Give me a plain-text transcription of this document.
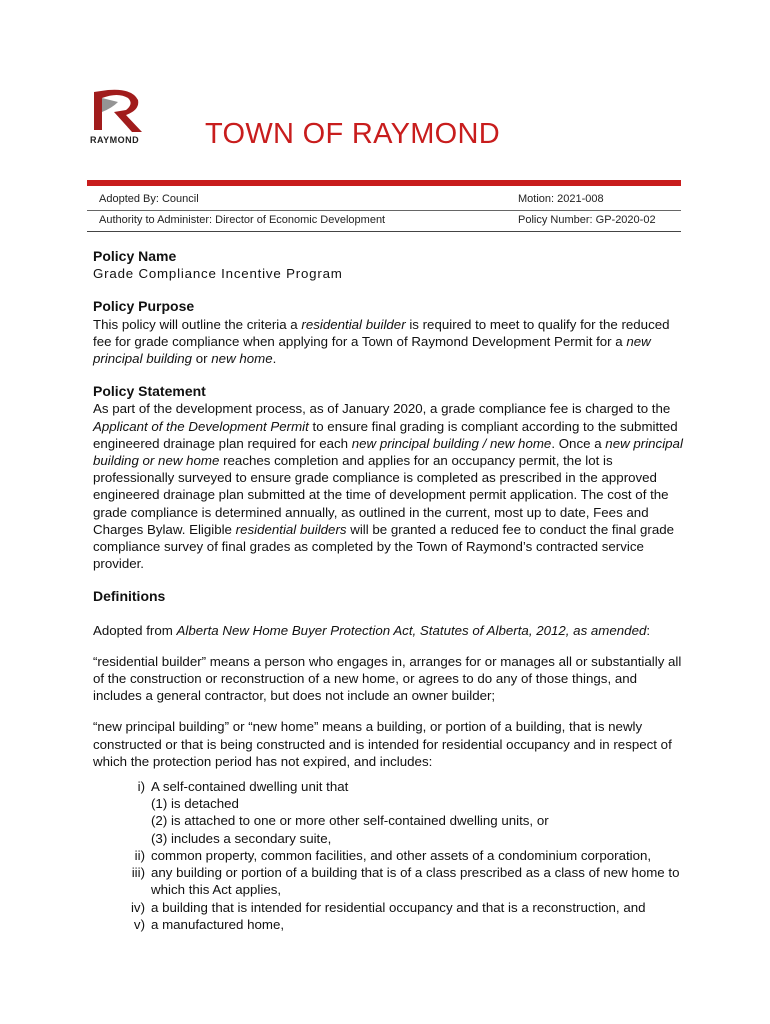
RAYMOND TOWN OF RAYMOND
Adopted By: Council	Motion: 2021-008
Authority to Administer: Director of Economic Development	Policy Number: GP-2020-02

Policy Name

Grade Compliance Incentive Program

Policy Purpose

This policy will outline the criteria a residential builder is required to meet to qualify for the reduced fee for grade compliance when applying for a Town of Raymond Development Permit for a new principal building or new home.

Policy Statement

As part of the development process, as of January 2020, a grade compliance fee is charged to the Applicant of the Development Permit to ensure final grading is compliant according to the submitted engineered drainage plan required for each new principal building / new home. Once a new principal building or new home reaches completion and applies for an occupancy permit, the lot is professionally surveyed to ensure grade compliance is completed as prescribed in the approved engineered drainage plan submitted at the time of development permit application. The cost of the grade compliance is determined annually, as outlined in the current, most up to date, Fees and Charges Bylaw. Eligible residential builders will be granted a reduced fee to conduct the final grade compliance survey of final grades as completed by the Town of Raymond’s contracted service provider.

Definitions

Adopted from Alberta New Home Buyer Protection Act, Statutes of Alberta, 2012, as amended:

“residential builder” means a person who engages in, arranges for or manages all or substantially all of the construction or reconstruction of a new home, or agrees to do any of those things, and includes a general contractor, but does not include an owner builder;

“new principal building” or “new home” means a building, or portion of a building, that is newly constructed or that is being constructed and is intended for residential occupancy and in respect of which the protection period has not expired, and includes:

i) A self-contained dwelling unit that
(1) is detached
(2) is attached to one or more other self-contained dwelling units, or
(3) includes a secondary suite,
ii) common property, common facilities, and other assets of a condominium corporation,
iii) any building or portion of a building that is of a class prescribed as a class of new home to which this Act applies,
iv) a building that is intended for residential occupancy and that is a reconstruction, and
v) a manufactured home,
